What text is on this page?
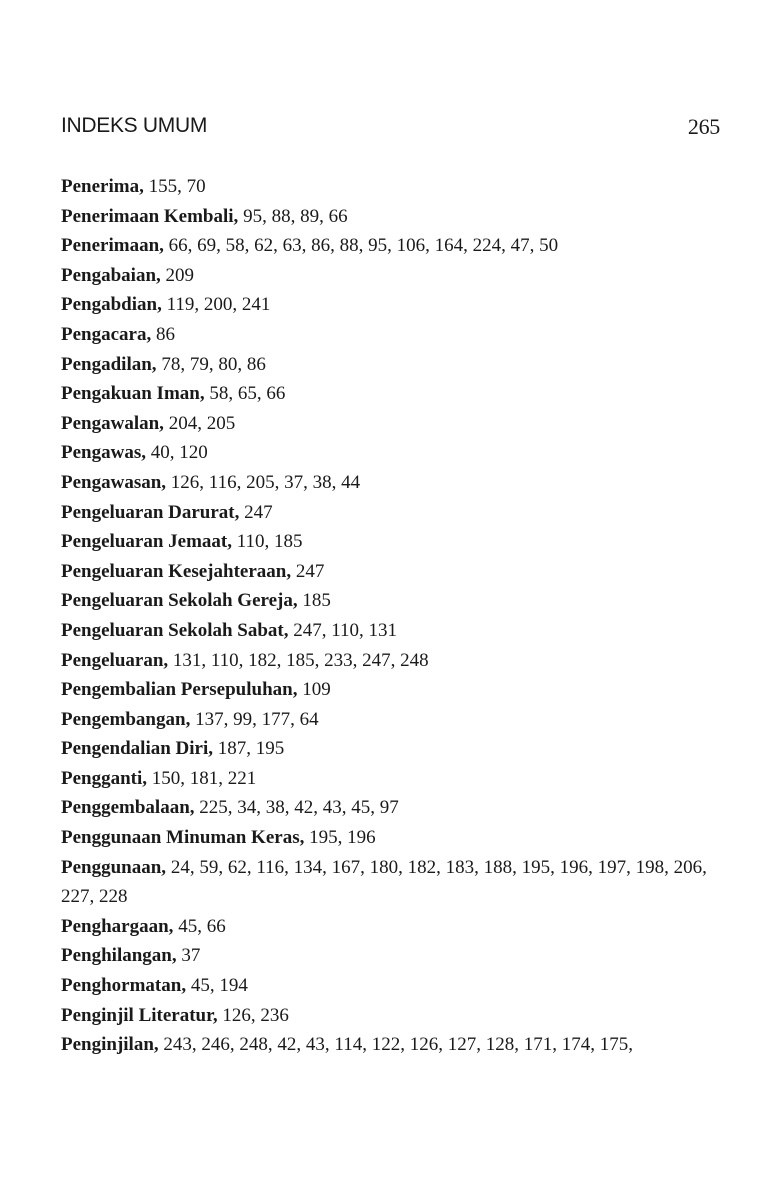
INDEKS UMUM	265

Penerima, 155, 70

Penerimaan Kembali, 95, 88, 89, 66

Penerimaan, 66, 69, 58, 62, 63, 86, 88, 95, 106, 164, 224, 47, 50

Pengabaian, 209

Pengabdian, 119, 200, 241

Pengacara, 86

Pengadilan, 78, 79, 80, 86

Pengakuan Iman, 58, 65, 66

Pengawalan, 204, 205

Pengawas, 40, 120

Pengawasan, 126, 116, 205, 37, 38, 44

Pengeluaran Darurat, 247

Pengeluaran Jemaat, 110, 185

Pengeluaran Kesejahteraan, 247

Pengeluaran Sekolah Gereja, 185

Pengeluaran Sekolah Sabat, 247, 110, 131

Pengeluaran, 131, 110, 182, 185, 233, 247, 248

Pengembalian Persepuluhan, 109

Pengembangan, 137, 99, 177, 64

Pengendalian Diri, 187, 195

Pengganti, 150, 181, 221

Penggembalaan, 225, 34, 38, 42, 43, 45, 97

Penggunaan Minuman Keras, 195, 196

Penggunaan, 24, 59, 62, 116, 134, 167, 180, 182, 183, 188, 195, 196, 197, 198, 206, 227, 228

Penghargaan, 45, 66

Penghilangan, 37

Penghormatan, 45, 194

Penginjil Literatur, 126, 236

Penginjilan, 243, 246, 248, 42, 43, 114, 122, 126, 127, 128, 171, 174, 175,
